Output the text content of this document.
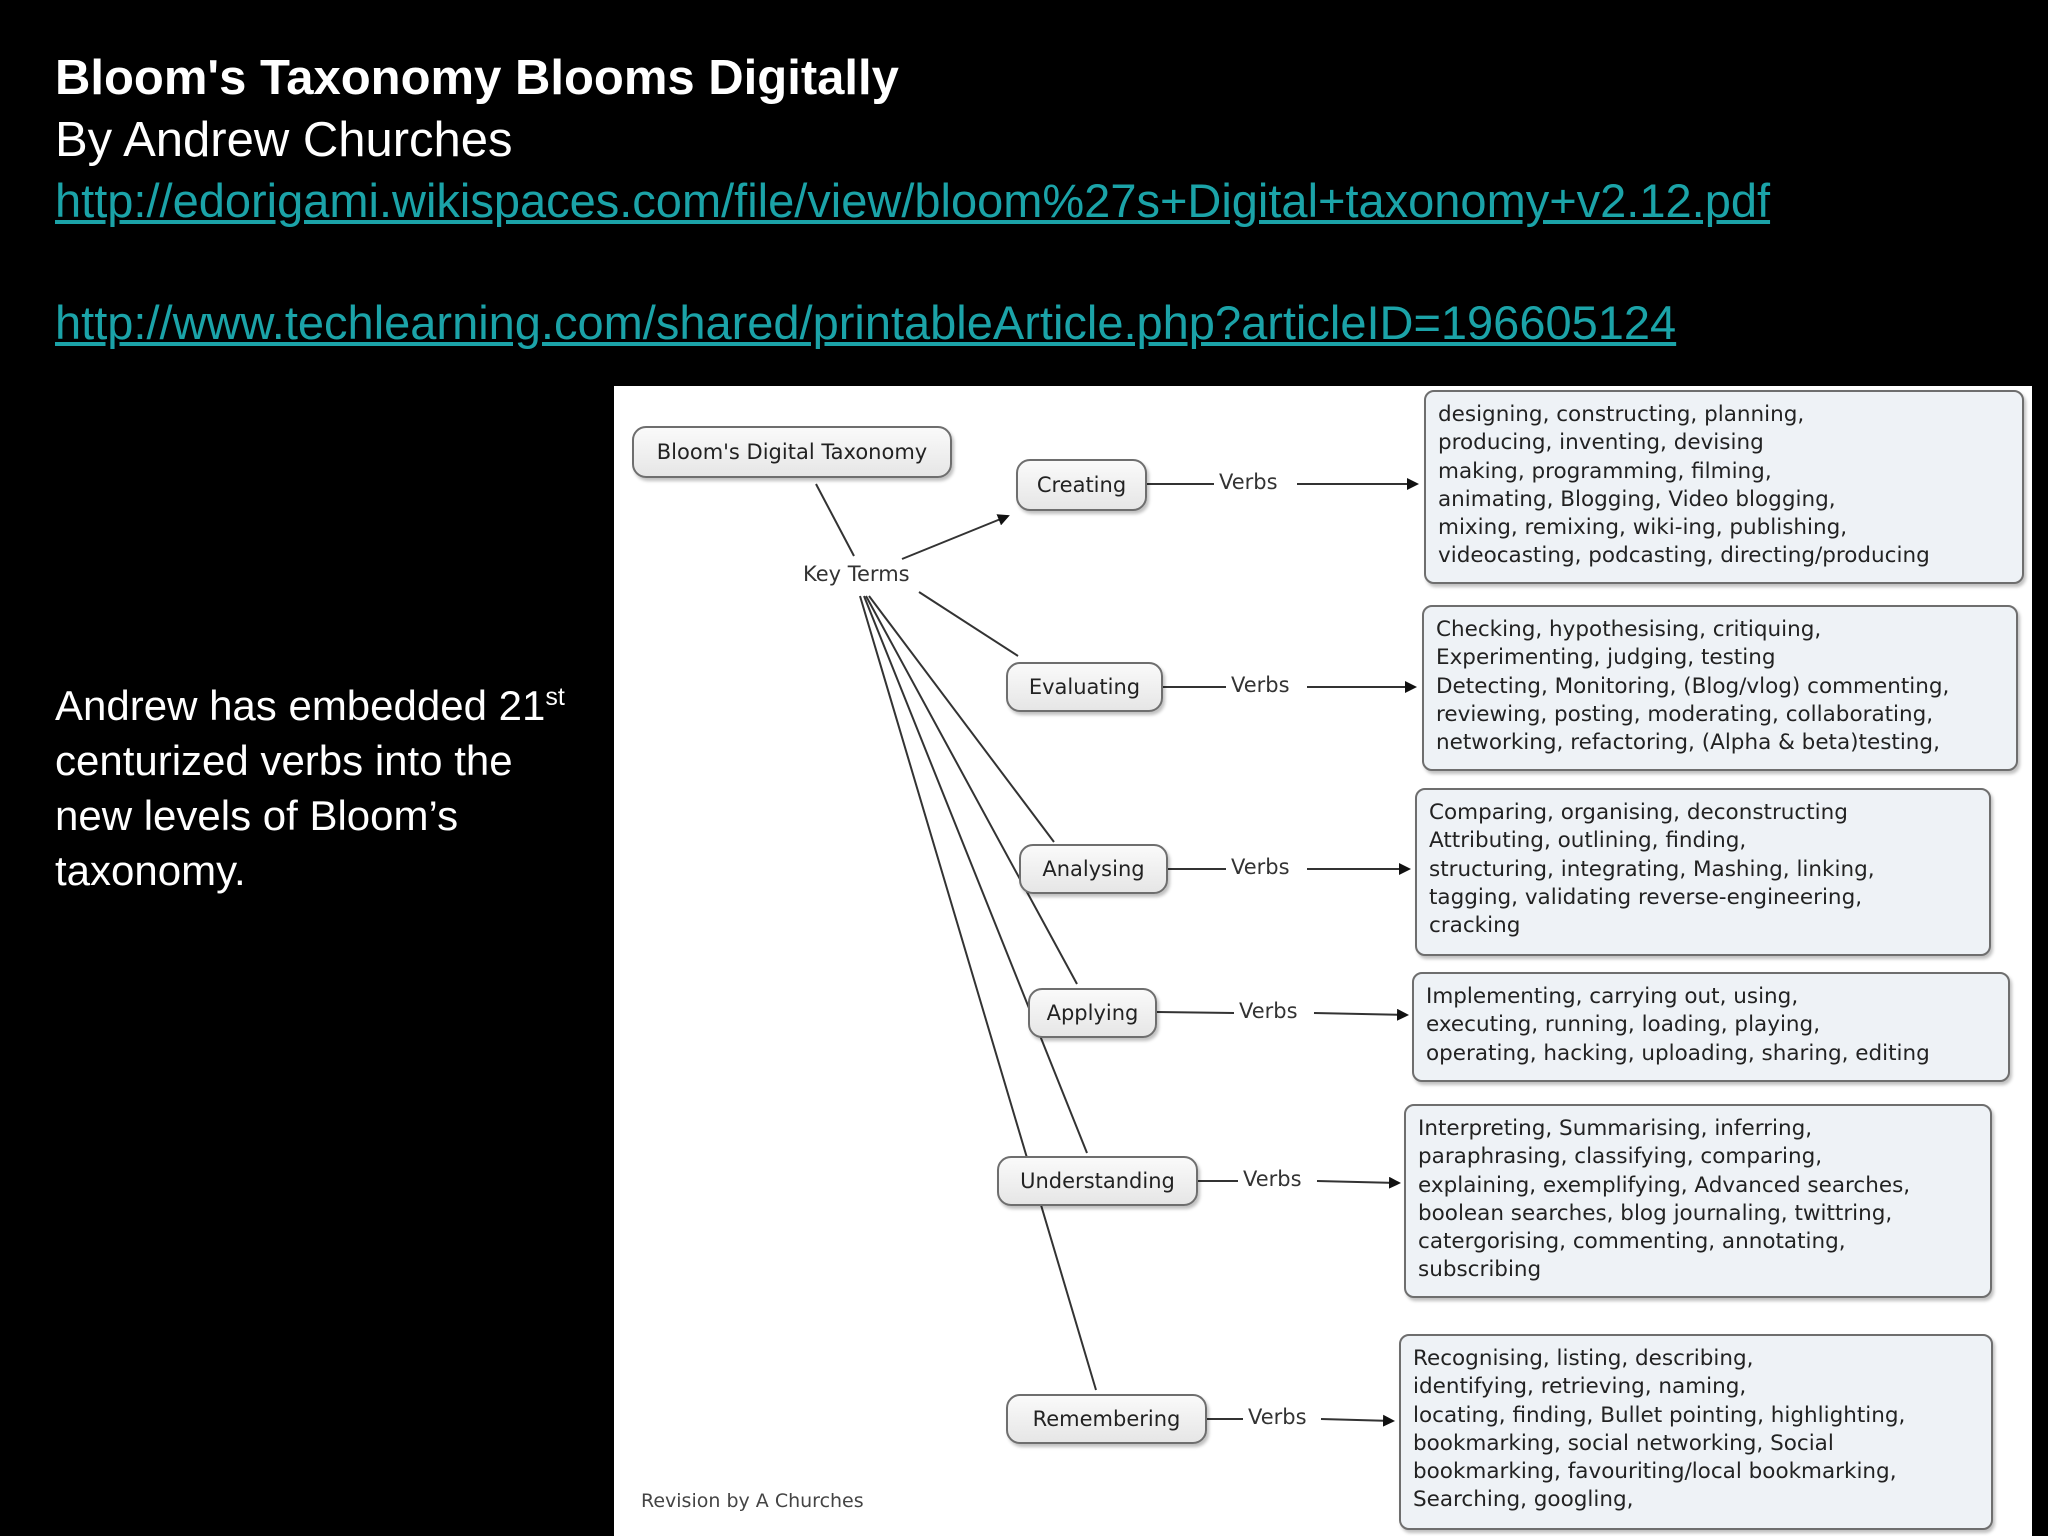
Bloom's Taxonomy Blooms Digitally
By Andrew Churches
http://edorigami.wikispaces.com/file/view/bloom%27s+Digital+taxonomy+v2.12.pdf
http://www.techlearning.com/shared/printableArticle.php?articleID=196605124
Andrew has embedded 21st centurized verbs into the new levels of Bloom’s taxonomy.
Bloom's Digital Taxonomy
Key Terms
Creating
Evaluating
Analysing
Applying
Understanding
Remembering
Verbs
Verbs
Verbs
Verbs
Verbs
Verbs
designing, constructing, planning,
producing, inventing, devising
making, programming, filming,
animating, Blogging, Video blogging,
mixing, remixing, wiki-ing, publishing,
videocasting, podcasting, directing/producing
Checking, hypothesising, critiquing,
Experimenting, judging, testing
Detecting, Monitoring, (Blog/vlog) commenting,
reviewing, posting, moderating, collaborating,
networking, refactoring, (Alpha & beta)testing,
Comparing, organising, deconstructing
Attributing, outlining, finding,
structuring, integrating, Mashing, linking,
tagging, validating reverse-engineering,
cracking
Implementing, carrying out, using,
executing, running, loading, playing,
operating, hacking, uploading, sharing, editing
Interpreting, Summarising, inferring,
paraphrasing, classifying, comparing,
explaining, exemplifying, Advanced searches,
boolean searches, blog journaling, twittring,
catergorising, commenting, annotating,
subscribing
Recognising, listing, describing,
identifying, retrieving, naming,
locating, finding, Bullet pointing, highlighting,
bookmarking, social networking, Social
bookmarking, favouriting/local bookmarking,
Searching, googling,
Revision by A Churches
